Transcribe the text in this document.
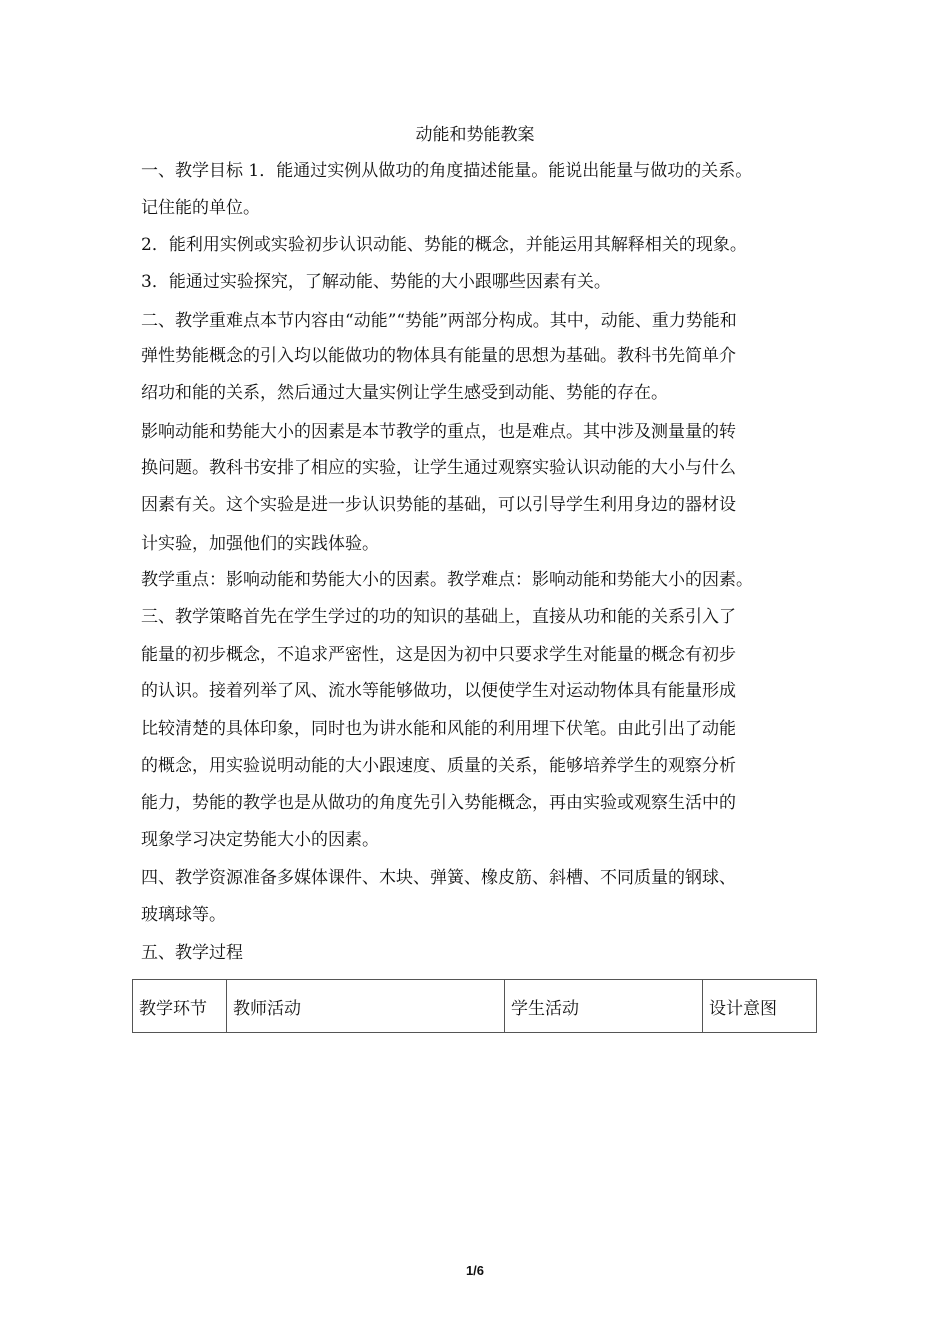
动能和势能教案
一、教学目标 1．能通过实例从做功的角度描述能量。能说出能量与做功的关系。
记住能的单位。
2．能利用实例或实验初步认识动能、势能的概念，并能运用其解释相关的现象。
3．能通过实验探究，了解动能、势能的大小跟哪些因素有关。
二、教学重难点本节内容由“动能”“势能”两部分构成。其中，动能、重力势能和
弹性势能概念的引入均以能做功的物体具有能量的思想为基础。教科书先简单介
绍功和能的关系，然后通过大量实例让学生感受到动能、势能的存在。
影响动能和势能大小的因素是本节教学的重点，也是难点。其中涉及测量量的转
换问题。教科书安排了相应的实验，让学生通过观察实验认识动能的大小与什么
因素有关。这个实验是进一步认识势能的基础，可以引导学生利用身边的器材设
计实验，加强他们的实践体验。
教学重点：影响动能和势能大小的因素。教学难点：影响动能和势能大小的因素。
三、教学策略首先在学生学过的功的知识的基础上，直接从功和能的关系引入了
能量的初步概念，不追求严密性，这是因为初中只要求学生对能量的概念有初步
的认识。接着列举了风、流水等能够做功，以便使学生对运动物体具有能量形成
比较清楚的具体印象，同时也为讲水能和风能的利用埋下伏笔。由此引出了动能
的概念，用实验说明动能的大小跟速度、质量的关系，能够培养学生的观察分析
能力，势能的教学也是从做功的角度先引入势能概念，再由实验或观察生活中的
现象学习决定势能大小的因素。
四、教学资源准备多媒体课件、木块、弹簧、橡皮筋、斜槽、不同质量的钢球、
玻璃球等。
五、教学过程
教学环节	教师活动	学生活动	设计意图
1/6
